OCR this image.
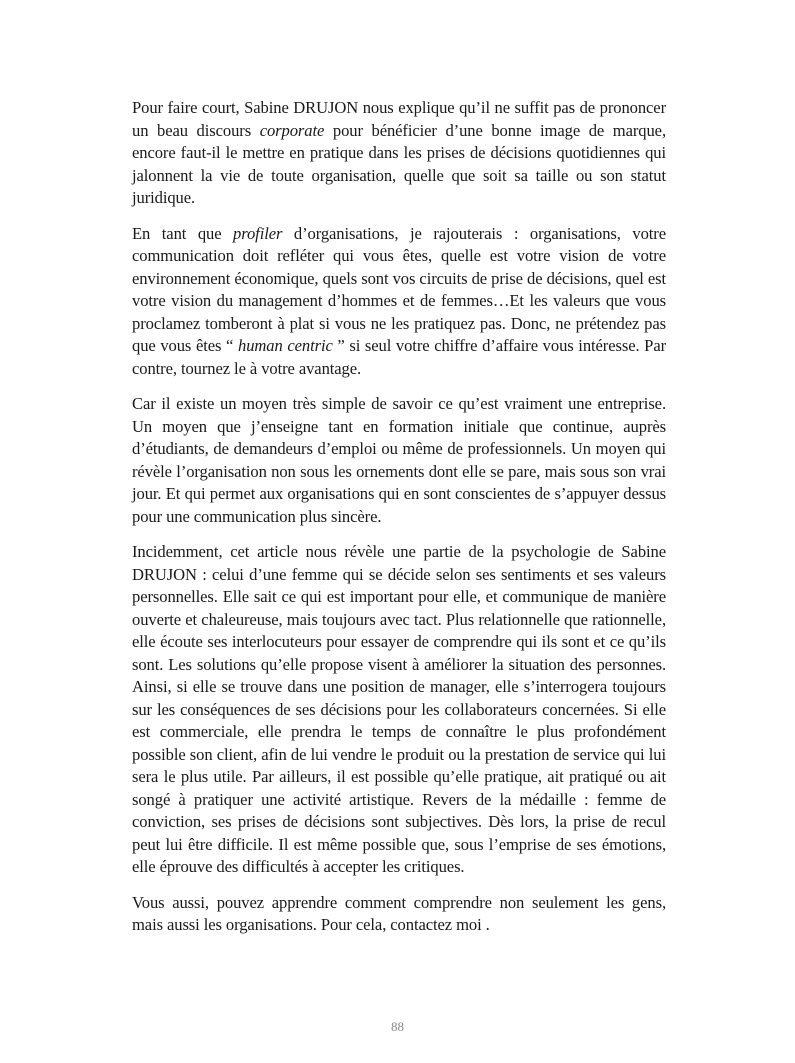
Pour faire court, Sabine DRUJON nous explique qu’il ne suffit pas de prononcer un beau discours corporate pour bénéficier d’une bonne image de marque, encore faut-il le mettre en pratique dans les prises de décisions quotidiennes qui jalonnent la vie de toute organisation, quelle que soit sa taille ou son statut juridique.

En tant que profiler d’organisations, je rajouterais : organisations, votre communication doit refléter qui vous êtes, quelle est votre vision de votre environnement économique, quels sont vos circuits de prise de décisions, quel est votre vision du management d’hommes et de femmes…Et les valeurs que vous proclamez tomberont à plat si vous ne les pratiquez pas. Donc, ne prétendez pas que vous êtes “ human centric ” si seul votre chiffre d’affaire vous intéresse. Par contre, tournez le à votre avantage.

Car il existe un moyen très simple de savoir ce qu’est vraiment une entreprise. Un moyen que j’enseigne tant en formation initiale que continue, auprès d’étudiants, de demandeurs d’emploi ou même de professionnels. Un moyen qui révèle l’organisation non sous les ornements dont elle se pare, mais sous son vrai jour. Et qui permet aux organisations qui en sont conscientes de s’appuyer dessus pour une communication plus sincère.

Incidemment, cet article nous révèle une partie de la psychologie de Sabine DRUJON : celui d’une femme qui se décide selon ses sentiments et ses valeurs personnelles. Elle sait ce qui est important pour elle, et communique de manière ouverte et chaleureuse, mais toujours avec tact. Plus relationnelle que rationnelle, elle écoute ses interlocuteurs pour essayer de comprendre qui ils sont et ce qu’ils sont. Les solutions qu’elle propose visent à améliorer la situation des personnes. Ainsi, si elle se trouve dans une position de manager, elle s’interrogera toujours sur les conséquences de ses décisions pour les collaborateurs concernées. Si elle est commerciale, elle prendra le temps de connaître le plus profondément possible son client, afin de lui vendre le produit ou la prestation de service qui lui sera le plus utile. Par ailleurs, il est possible qu’elle pratique, ait pratiqué ou ait songé à pratiquer une activité artistique. Revers de la médaille : femme de conviction, ses prises de décisions sont subjectives. Dès lors, la prise de recul peut lui être difficile. Il est même possible que, sous l’emprise de ses émotions, elle éprouve des difficultés à accepter les critiques.

Vous aussi, pouvez apprendre comment comprendre non seulement les gens, mais aussi les organisations. Pour cela, contactez moi .

88
